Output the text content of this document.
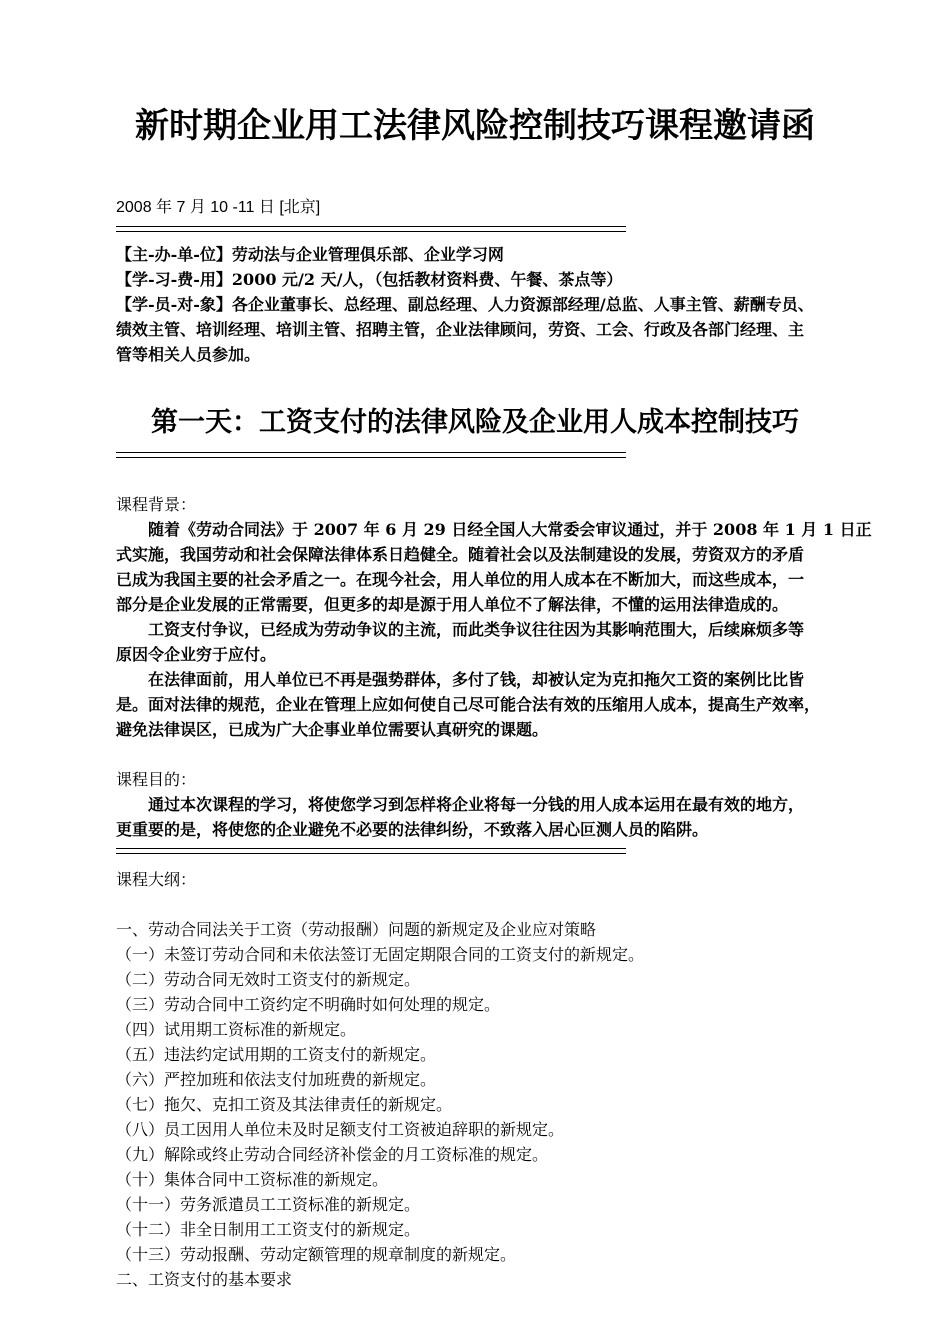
新时期企业用工法律风险控制技巧课程邀请函
2008 年 7 月 10 -11 日 [北京]
【主-办-单-位】劳动法与企业管理俱乐部、企业学习网
【学-习-费-用】2000 元/2 天/人，（包括教材资料费、午餐、茶点等）
【学-员-对-象】各企业董事长、总经理、副总经理、人力资源部经理/总监、人事主管、薪酬专员、
绩效主管、培训经理、培训主管、招聘主管，企业法律顾问，劳资、工会、行政及各部门经理、主
管等相关人员参加。
第一天：工资支付的法律风险及企业用人成本控制技巧
课程背景：
随着《劳动合同法》于 2007 年 6 月 29 日经全国人大常委会审议通过，并于 2008 年 1 月 1 日正
式实施，我国劳动和社会保障法律体系日趋健全。随着社会以及法制建设的发展，劳资双方的矛盾
已成为我国主要的社会矛盾之一。在现今社会，用人单位的用人成本在不断加大，而这些成本，一
部分是企业发展的正常需要，但更多的却是源于用人单位不了解法律，不懂的运用法律造成的。
工资支付争议，已经成为劳动争议的主流，而此类争议往往因为其影响范围大，后续麻烦多等
原因令企业穷于应付。
在法律面前，用人单位已不再是强势群体，多付了钱，却被认定为克扣拖欠工资的案例比比皆
是。面对法律的规范，企业在管理上应如何使自己尽可能合法有效的压缩用人成本，提高生产效率，
避免法律误区，已成为广大企事业单位需要认真研究的课题。
课程目的：
通过本次课程的学习，将使您学习到怎样将企业将每一分钱的用人成本运用在最有效的地方，
更重要的是，将使您的企业避免不必要的法律纠纷，不致落入居心叵测人员的陷阱。
课程大纲：
一、劳动合同法关于工资（劳动报酬）问题的新规定及企业应对策略
（一）未签订劳动合同和未依法签订无固定期限合同的工资支付的新规定。
（二）劳动合同无效时工资支付的新规定。
（三）劳动合同中工资约定不明确时如何处理的规定。
（四）试用期工资标准的新规定。
（五）违法约定试用期的工资支付的新规定。
（六）严控加班和依法支付加班费的新规定。
（七）拖欠、克扣工资及其法律责任的新规定。
（八）员工因用人单位未及时足额支付工资被迫辞职的新规定。
（九）解除或终止劳动合同经济补偿金的月工资标准的规定。
（十）集体合同中工资标准的新规定。
（十一）劳务派遣员工工资标准的新规定。
（十二）非全日制用工工资支付的新规定。
（十三）劳动报酬、劳动定额管理的规章制度的新规定。
二、工资支付的基本要求
